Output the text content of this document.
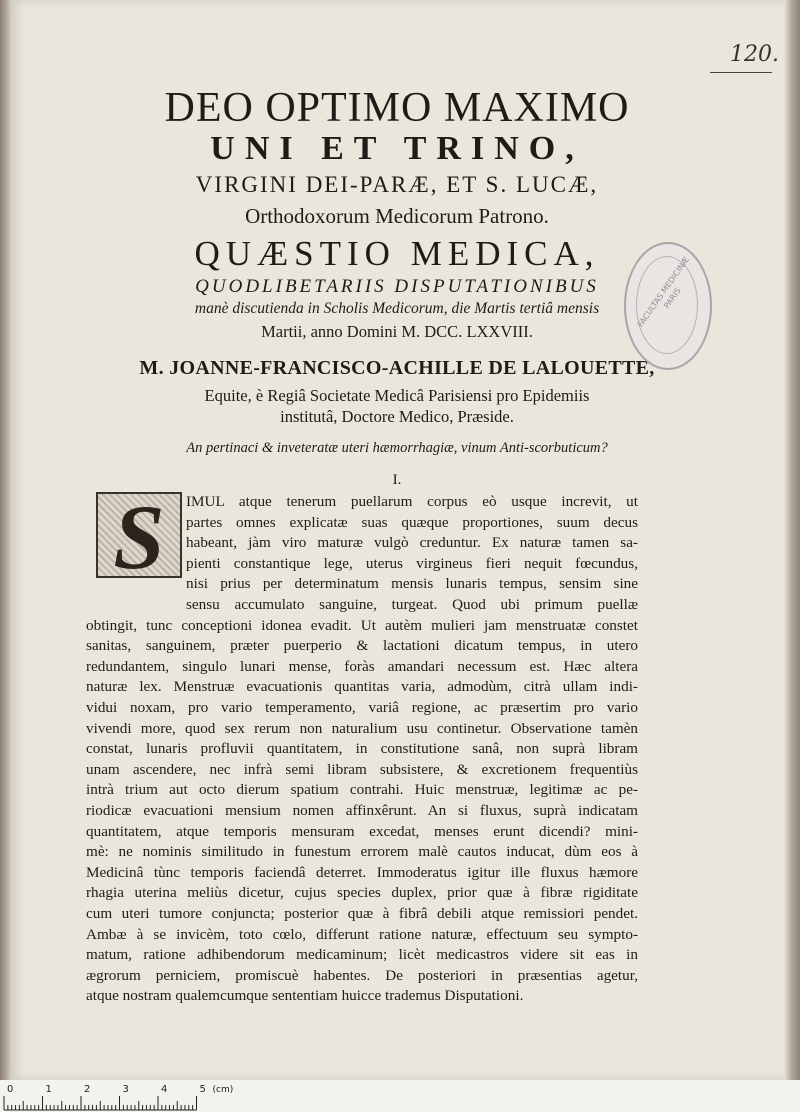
120.
DEO OPTIMO MAXIMO
UNI ET TRINO,
VIRGINI DEI-PARÆ, ET S. LUCÆ,
Orthodoxorum Medicorum Patrono.
QUÆSTIO MEDICA,
QUODLIBETARIIS DISPUTATIONIBUS
manè discutienda in Scholis Medicorum, die Martis tertiâ mensis
Martii, anno Domini M. DCC. LXXVIII.
M. JOANNE-FRANCISCO-ACHILLE DE LALOUETTE,
Equite, è Regiâ Societate Medicâ Parisiensi pro Epidemiis
institutâ, Doctore Medico, Præside.
An pertinaci & inveteratæ uteri hæmorrhagiæ, vinum Anti-scorbuticum?
I.
FACULTAS MEDICINÆ PARIS
S	IMUL atque tenerum puellarum corpus eò usque increvit, ut
partes omnes explicatæ suas quæque proportiones, suum decus
habeant, jàm viro maturæ vulgò creduntur. Ex naturæ tamen sa-
pienti constantique lege, uterus virgineus fieri nequit fœcundus,
nisi prius per determinatum mensis lunaris tempus, sensim sine
sensu accumulato sanguine, turgeat. Quod ubi primum puellæ
obtingit, tunc conceptioni idonea evadit. Ut autèm mulieri jam menstruatæ constet
sanitas, sanguinem, præter puerperio & lactationi dicatum tempus, in utero
redundantem, singulo lunari mense, foràs amandari necessum est. Hæc altera
naturæ lex. Menstruæ evacuationis quantitas varia, admodùm, citrà ullam indi-
vidui noxam, pro vario temperamento, variâ regione, ac præsertim pro vario
vivendi more, quod sex rerum non naturalium usu continetur. Observatione tamèn
constat, lunaris profluvii quantitatem, in constitutione sanâ, non suprà libram
unam ascendere, nec infrà semi libram subsistere, & excretionem frequentiùs
intrà trium aut octo dierum spatium contrahi. Huic menstruæ, legitimæ ac pe-
riodicæ evacuationi mensium nomen affinxêrunt. An si fluxus, suprà indicatam
quantitatem, atque temporis mensuram excedat, menses erunt dicendi? mini-
mè: ne nominis similitudo in funestum errorem malè cautos inducat, dùm eos à
Medicinâ tùnc temporis faciendâ deterret. Immoderatus igitur ille fluxus hæmore
rhagia uterina meliùs dicetur, cujus species duplex, prior quæ à fibræ rigiditate
cum uteri tumore conjuncta; posterior quæ à fibrâ debili atque remissiori pendet.
Ambæ à se invicèm, toto cœlo, differunt ratione naturæ, effectuum seu sympto-
matum, ratione adhibendorum medicaminum; licèt medicastros videre sit eas in
ægrorum perniciem, promiscuè habentes. De posteriori in præsentias agetur,
atque nostram qualemcumque sententiam huicce trademus Disputationi.
0	1	2	3	4	5 (cm)
